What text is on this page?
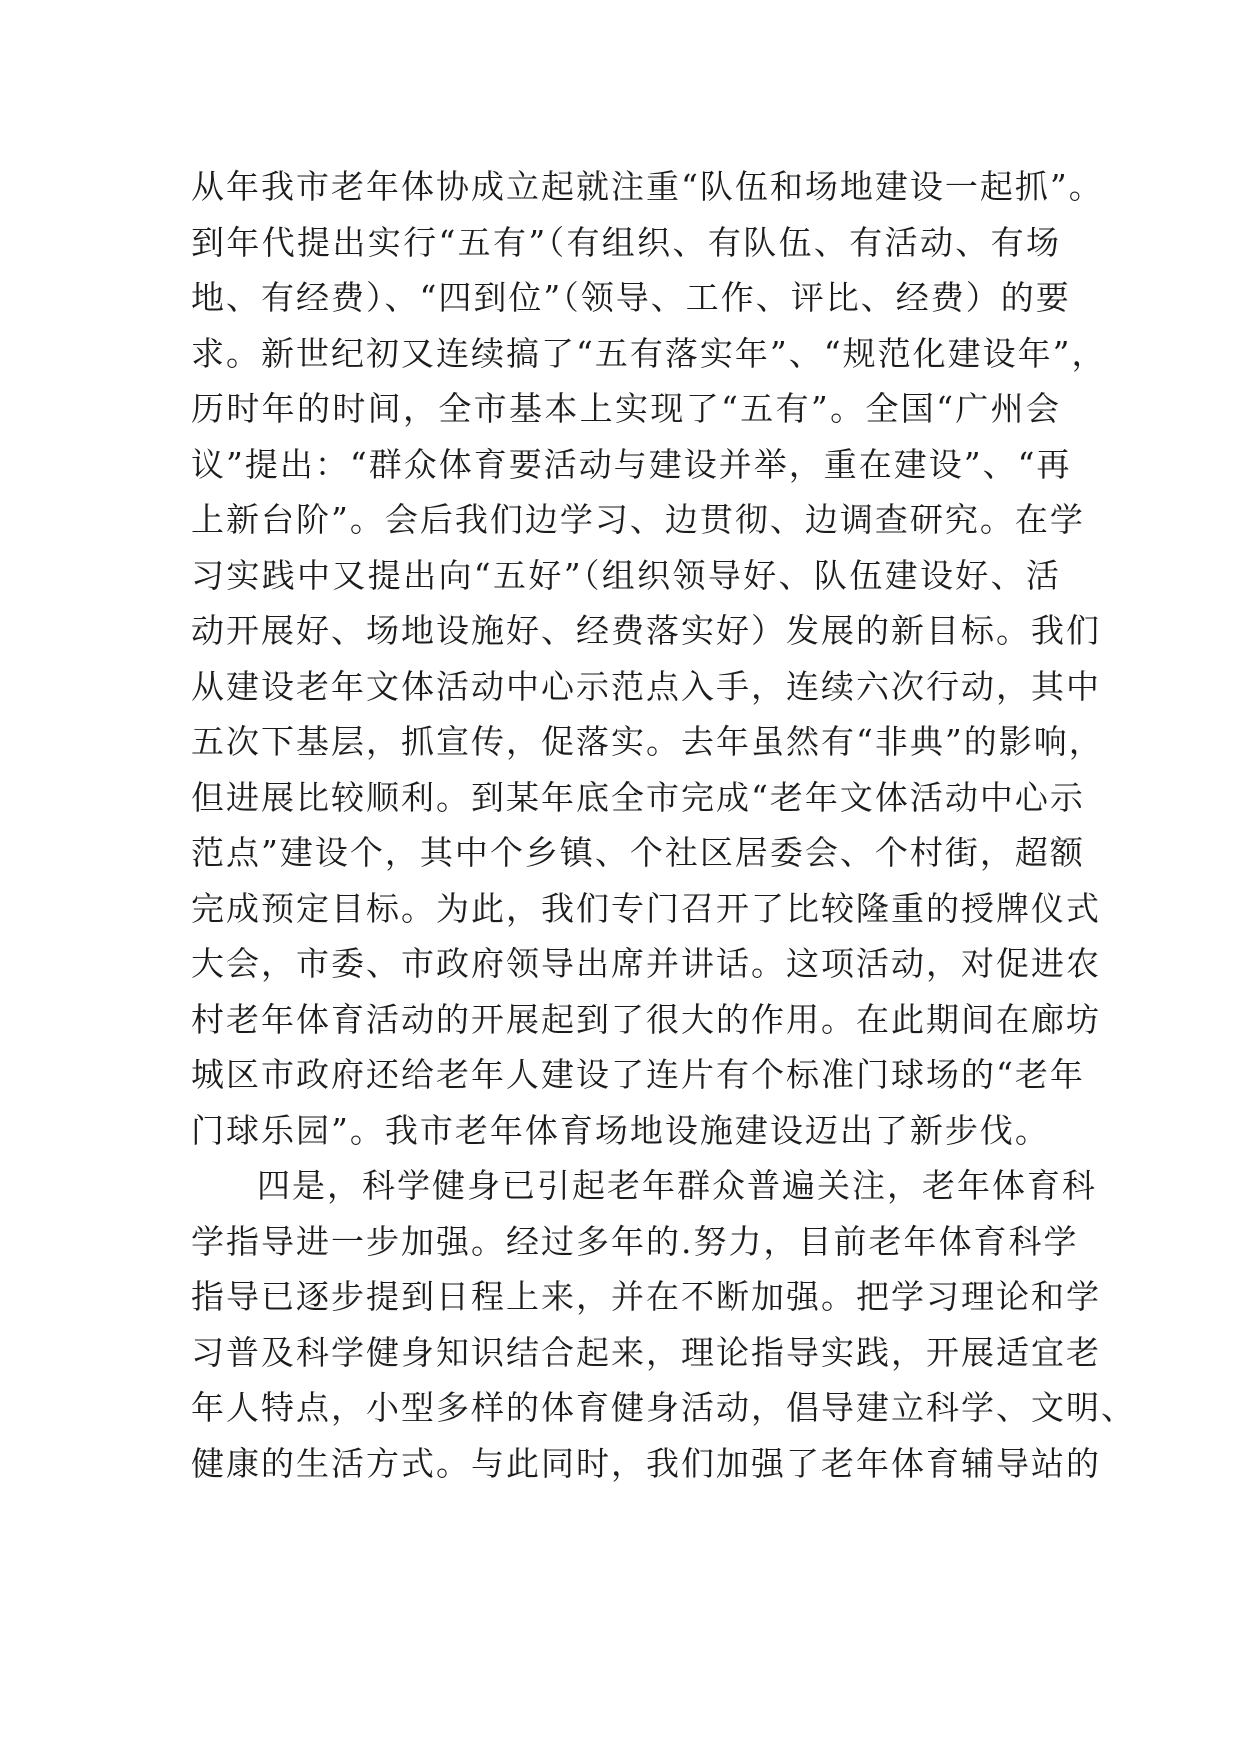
从年我市老年体协成立起就注重“队伍和场地建设一起抓”。
到年代提出实行“五有”（有组织、有队伍、有活动、有场
地、有经费）、“四到位”（领导、工作、评比、经费）的要
求。新世纪初又连续搞了“五有落实年”、“规范化建设年”，
历时年的时间，全市基本上实现了“五有”。全国“广州会
议”提出：“群众体育要活动与建设并举，重在建设”、“再
上新台阶”。会后我们边学习、边贯彻、边调查研究。在学
习实践中又提出向“五好”（组织领导好、队伍建设好、活
动开展好、场地设施好、经费落实好）发展的新目标。我们
从建设老年文体活动中心示范点入手，连续六次行动，其中
五次下基层，抓宣传，促落实。去年虽然有“非典”的影响，
但进展比较顺利。到某年底全市完成“老年文体活动中心示
范点”建设个，其中个乡镇、个社区居委会、个村街，超额
完成预定目标。为此，我们专门召开了比较隆重的授牌仪式
大会，市委、市政府领导出席并讲话。这项活动，对促进农
村老年体育活动的开展起到了很大的作用。在此期间在廊坊
城区市政府还给老年人建设了连片有个标准门球场的“老年
门球乐园”。我市老年体育场地设施建设迈出了新步伐。
四是，科学健身已引起老年群众普遍关注，老年体育科
学指导进一步加强。经过多年的.努力，目前老年体育科学
指导已逐步提到日程上来，并在不断加强。把学习理论和学
习普及科学健身知识结合起来，理论指导实践，开展适宜老
年人特点，小型多样的体育健身活动，倡导建立科学、文明、
健康的生活方式。与此同时，我们加强了老年体育辅导站的
